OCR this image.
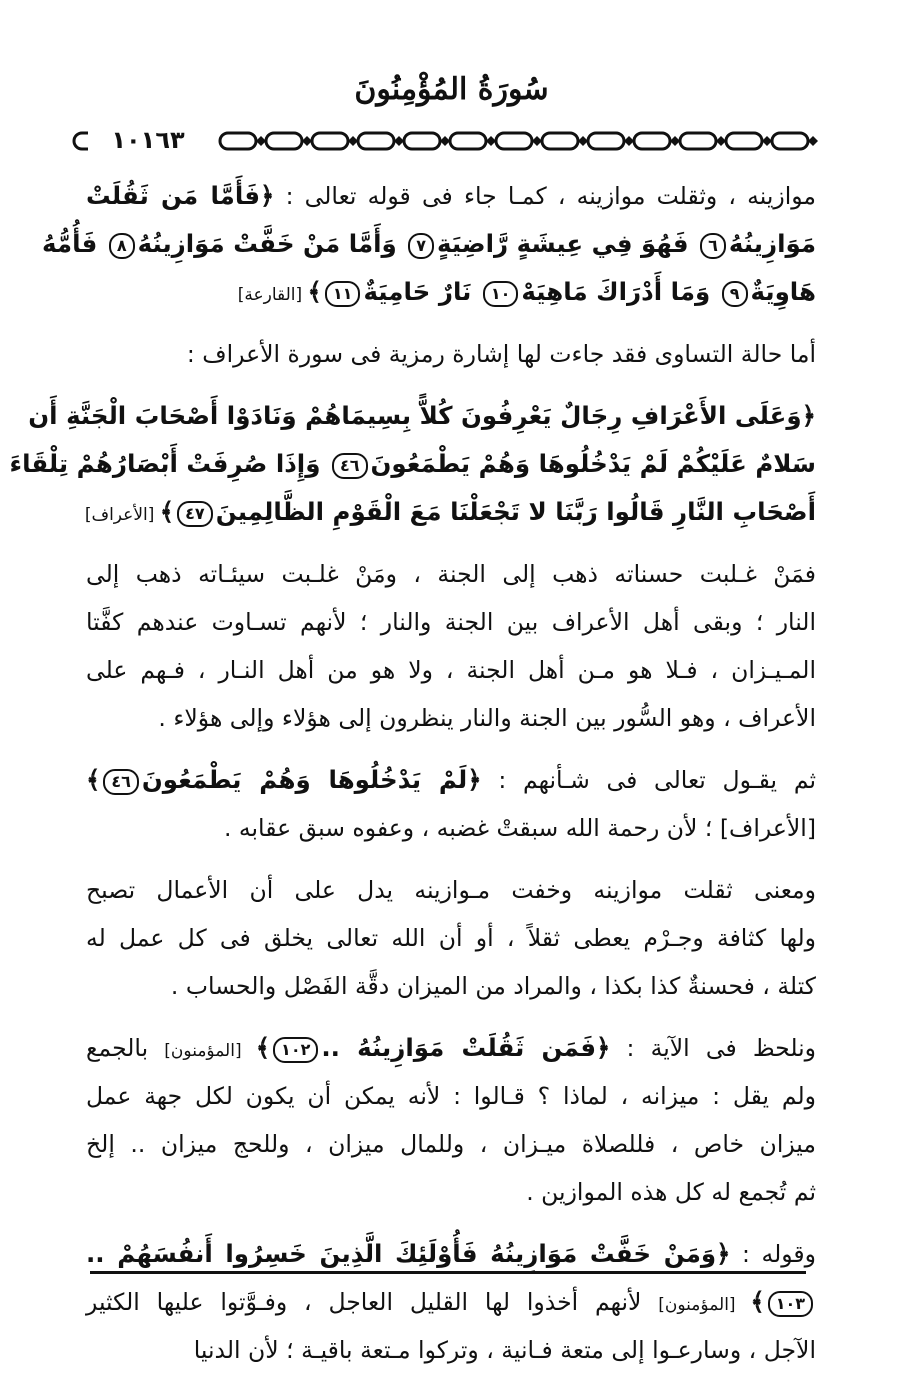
سُورَةُ المُؤْمِنُونَ
١٠١٦٣

موازينه ، وثقلت موازينه ، كمـا جاء فى قوله تعالى : ﴿فَأَمَّا مَن ثَقُلَتْ
مَوَازِينُهُ٦ فَهُوَ فِي عِيشَةٍ رَّاضِيَةٍ٧ وَأَمَّا مَنْ خَفَّتْ مَوَازِينُهُ٨ فَأُمُّهُ
هَاوِيَةٌ٩ وَمَا أَدْرَاكَ مَاهِيَهْ١٠ نَارٌ حَامِيَةٌ١١﴾ [القارعة]

أما حالة التساوى فقد جاءت لها إشارة رمزية فى سورة الأعراف :

﴿وَعَلَى الأَعْرَافِ رِجَالٌ يَعْرِفُونَ كُلاًّ بِسِيمَاهُمْ وَنَادَوْا أَصْحَابَ الْجَنَّةِ أَن
سَلامٌ عَلَيْكُمْ لَمْ يَدْخُلُوهَا وَهُمْ يَطْمَعُونَ٤٦ وَإِذَا صُرِفَتْ أَبْصَارُهُمْ تِلْقَاءَ
أَصْحَابِ النَّارِ قَالُوا رَبَّنَا لا تَجْعَلْنَا مَعَ الْقَوْمِ الظَّالِمِينَ٤٧﴾ [الأعراف]

فمَنْ غـلبت حسناته ذهب إلى الجنة ، ومَنْ غلـبت سيئـاته ذهب إلى
النار ؛ وبقى أهل الأعراف بين الجنة والنار ؛ لأنهم تسـاوت عندهم كفَّتا
المـيـزان ، فـلا هو مـن أهل الجنة ، ولا هو من أهل النـار ، فـهم على
الأعراف ، وهو السُّور بين الجنة والنار ينظرون إلى هؤلاء وإلى هؤلاء .

ثم يقـول تعالى فى شـأنهم : ﴿لَمْ يَدْخُلُوهَا وَهُمْ يَطْمَعُونَ٤٦﴾
[الأعراف] ؛ لأن رحمة الله سبقتْ غضبه ، وعفوه سبق عقابه .

ومعنى ثقلت موازينه وخفت مـوازينه يدل على أن الأعمال تصبح
ولها كثافة وجـرْم يعطى ثقلاً ، أو أن الله تعالى يخلق فى كل عمل له
كتلة ، فحسنةٌ كذا بكذا ، والمراد من الميزان دقَّة الفَصْل والحساب .

ونلحظ فى الآية : ﴿فَمَن ثَقُلَتْ مَوَازِينُهُ ..١٠٢﴾ [المؤمنون] بالجمع
ولم يقل : ميزانه ، لماذا ؟ قـالوا : لأنه يمكن أن يكون لكل جهة عمل
ميزان خاص ، فللصلاة ميـزان ، وللمال ميزان ، وللحج ميزان .. إلخ
ثم تُجمع له كل هذه الموازين .

وقوله : ﴿وَمَنْ خَفَّتْ مَوَازِينُهُ فَأُوْلَئِكَ الَّذِينَ خَسِرُوا أَنفُسَهُمْ ..
١٠٣﴾ [المؤمنون] لأنهم أخذوا لها القليل العاجل ، وفـوَّتوا عليها الكثير
الآجل ، وسارعـوا إلى متعة فـانية ، وتركوا مـتعة باقيـة ؛ لأن الدنيا
